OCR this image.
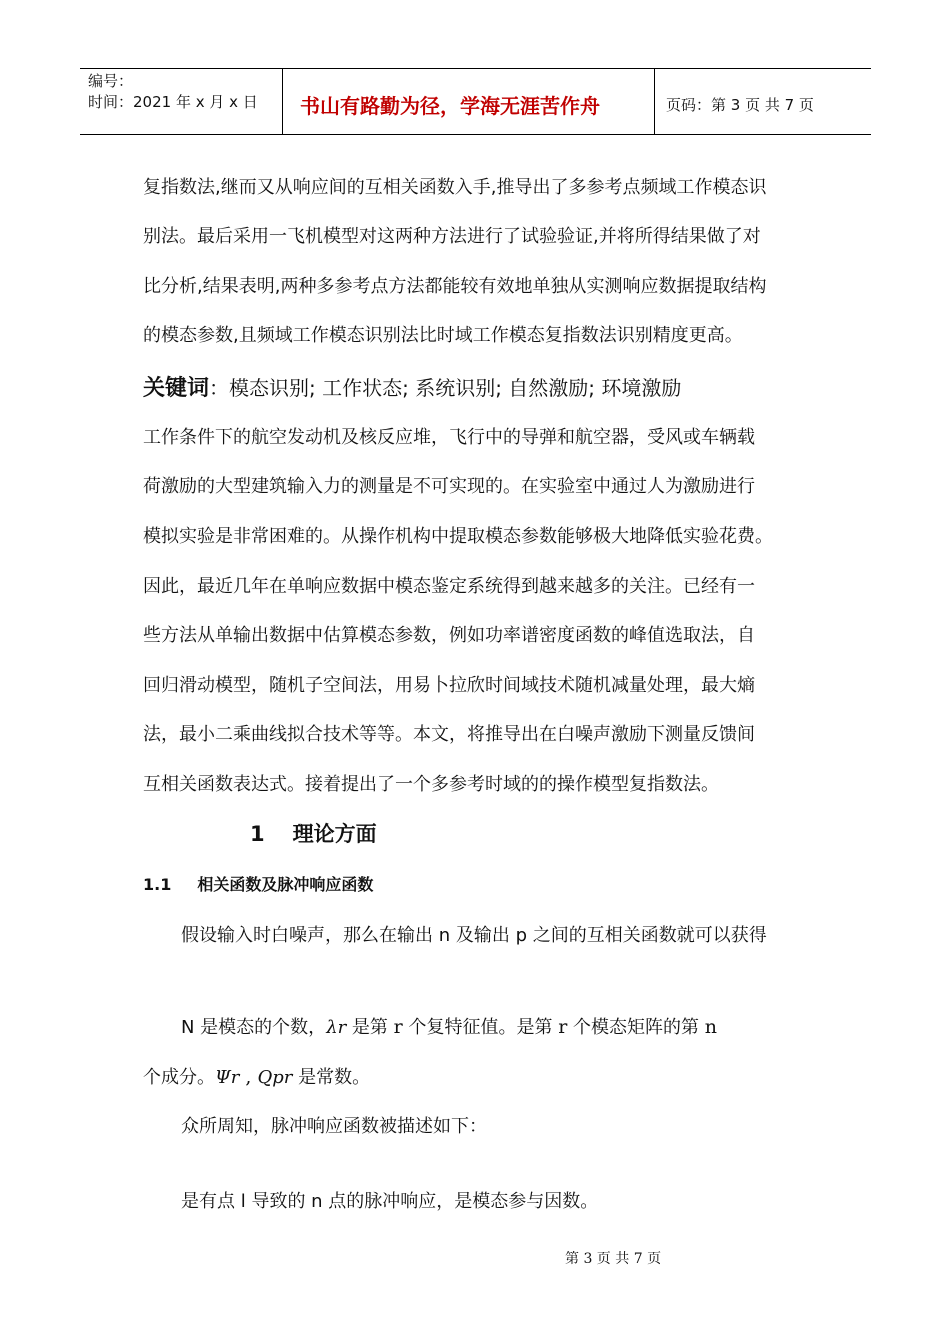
编号：
时间：2021 年 x 月 x 日 书山有路勤为径，学海无涯苦作舟	页码：第 3 页 共 7 页
复指数法,继而又从响应间的互相关函数入手,推导出了多参考点频域工作模态识
别法。最后采用一飞机模型对这两种方法进行了试验验证,并将所得结果做了对
比分析,结果表明,两种多参考点方法都能较有效地单独从实测响应数据提取结构
的模态参数,且频域工作模态识别法比时域工作模态复指数法识别精度更高。
关键词：模态识别; 工作状态; 系统识别; 自然激励; 环境激励
工作条件下的航空发动机及核反应堆，飞行中的导弹和航空器，受风或车辆载
荷激励的大型建筑输入力的测量是不可实现的。在实验室中通过人为激励进行
模拟实验是非常困难的。从操作机构中提取模态参数能够极大地降低实验花费。
因此，最近几年在单响应数据中模态鉴定系统得到越来越多的关注。已经有一
些方法从单输出数据中估算模态参数，例如功率谱密度函数的峰值选取法，自
回归滑动模型，随机子空间法，用易卜拉欣时间域技术随机减量处理，最大熵
法，最小二乘曲线拟合技术等等。本文，将推导出在白噪声激励下测量反馈间
互相关函数表达式。接着提出了一个多参考时域的的操作模型复指数法。
1 理论方面
1.1 相关函数及脉冲响应函数
假设输入时白噪声，那么在输出 n 及输出 p 之间的互相关函数就可以获得
N 是模态的个数，λr 是第 r 个复特征值。是第 r 个模态矩阵的第 n
个成分。Ψr , Qpr 是常数。
众所周知，脉冲响应函数被描述如下：
是有点 l 导致的 n 点的脉冲响应，是模态参与因数。
第 3 页 共 7 页
